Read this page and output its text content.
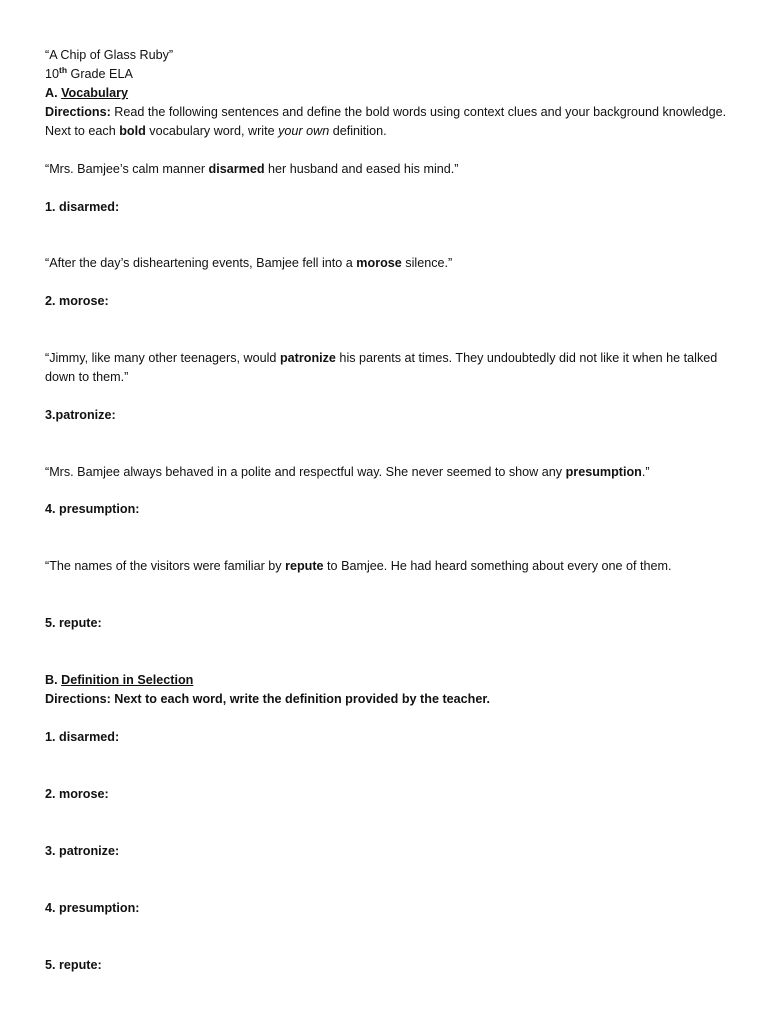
“A Chip of Glass Ruby”
10th Grade ELA
A. Vocabulary
Directions: Read the following sentences and define the bold words using context clues and your background knowledge. Next to each bold vocabulary word, write your own definition.
“Mrs. Bamjee’s calm manner disarmed her husband and eased his mind.”
1. disarmed:
“After the day’s disheartening events, Bamjee fell into a morose silence.”
2. morose:
“Jimmy, like many other teenagers, would patronize his parents at times. They undoubtedly did not like it when he talked down to them.”
3.patronize:
“Mrs. Bamjee always behaved in a polite and respectful way. She never seemed to show any presumption.”
4. presumption:
“The names of the visitors were familiar by repute to Bamjee. He had heard something about every one of them.
5. repute:
B. Definition in Selection
Directions: Next to each word, write the definition provided by the teacher.
1. disarmed:
2. morose:
3. patronize:
4. presumption:
5. repute:
